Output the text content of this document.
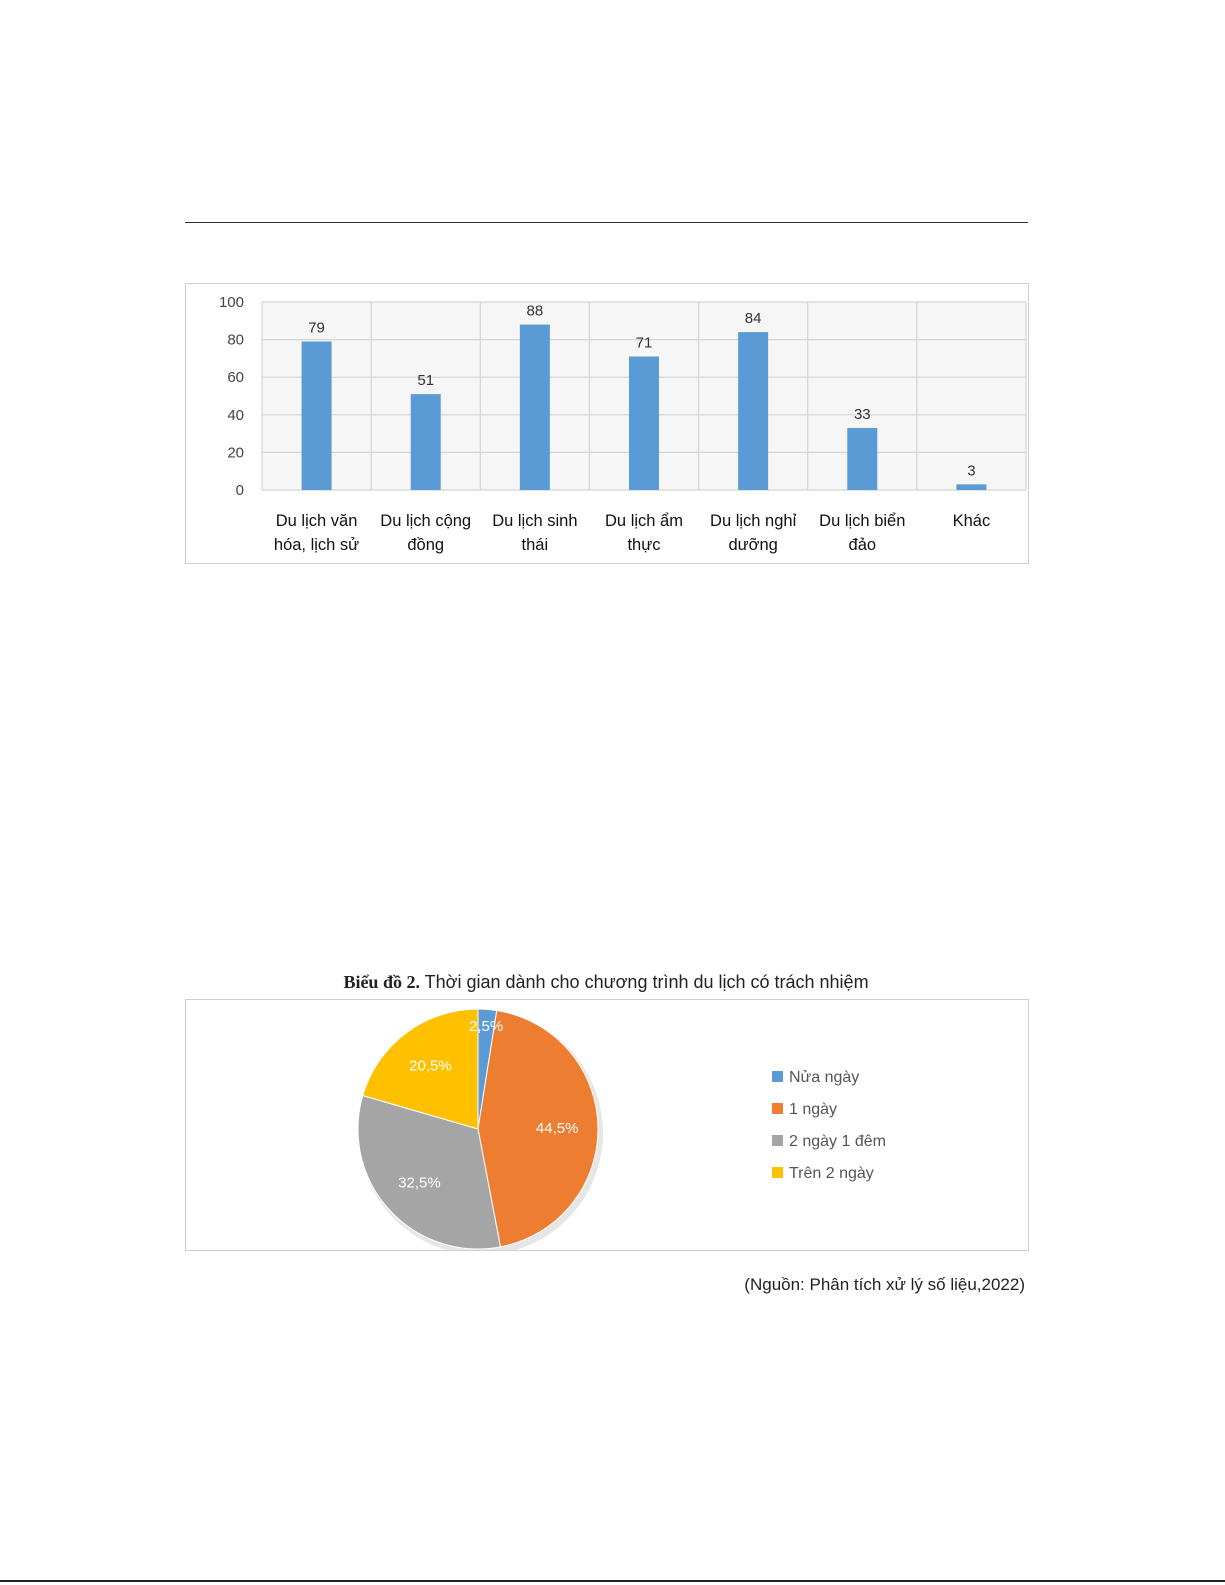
0
20
40
60
80
100
79
Du lịch văn
hóa, lịch sử
51
Du lịch cộng
đồng
88
Du lịch sinh
thái
71
Du lịch ẩm
thực
84
Du lịch nghỉ
dưỡng
33
Du lịch biển
đảo
3
Khác
Biểu đồ 2. Thời gian dành cho chương trình du lịch có trách nhiệm
2,5%
44,5%
32,5%
20,5%
Nửa ngày
1 ngày
2 ngày 1 đêm
Trên 2 ngày
(Nguồn: Phân tích xử lý số liệu,2022)
